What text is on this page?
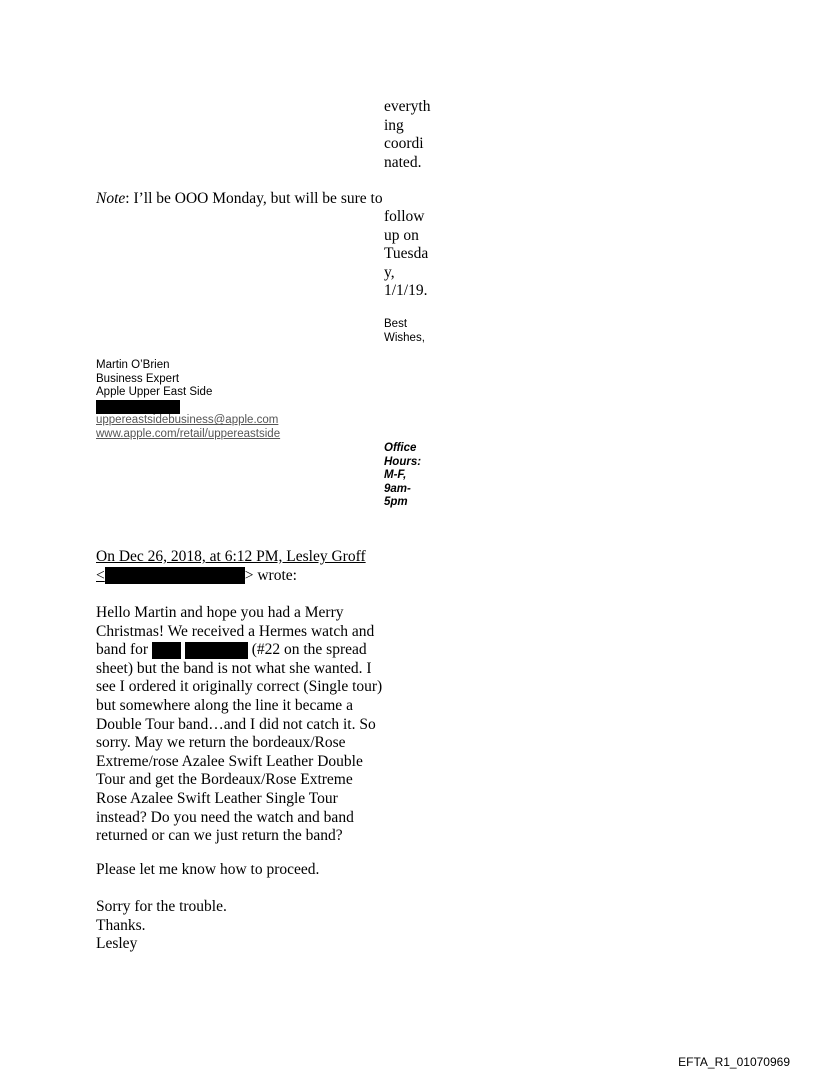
everyth
ing
coordi
nated.
Note: I’ll be OOO Monday, but will be sure to
follow
up on
Tuesda
y,
1/1/19.
Best
Wishes,
Martin O’Brien
Business Expert
Apple Upper East Side
uppereastsidebusiness@apple.com
www.apple.com/retail/uppereastside
Office
Hours:
M-F,
9am-
5pm
On Dec 26, 2018, at 6:12 PM, Lesley Groff
<	> wrote:
Hello Martin and hope you had a Merry
Christmas! We received a Hermes watch and
band for	(#22 on the spread
sheet) but the band is not what she wanted. I
see I ordered it originally correct (Single tour)
but somewhere along the line it became a
Double Tour band…and I did not catch it. So
sorry. May we return the bordeaux/Rose
Extreme/rose Azalee Swift Leather Double
Tour and get the Bordeaux/Rose Extreme
Rose Azalee Swift Leather Single Tour
instead? Do you need the watch and band
returned or can we just return the band?
Please let me know how to proceed.
Sorry for the trouble.
Thanks.
Lesley
EFTA_R1_01070969
